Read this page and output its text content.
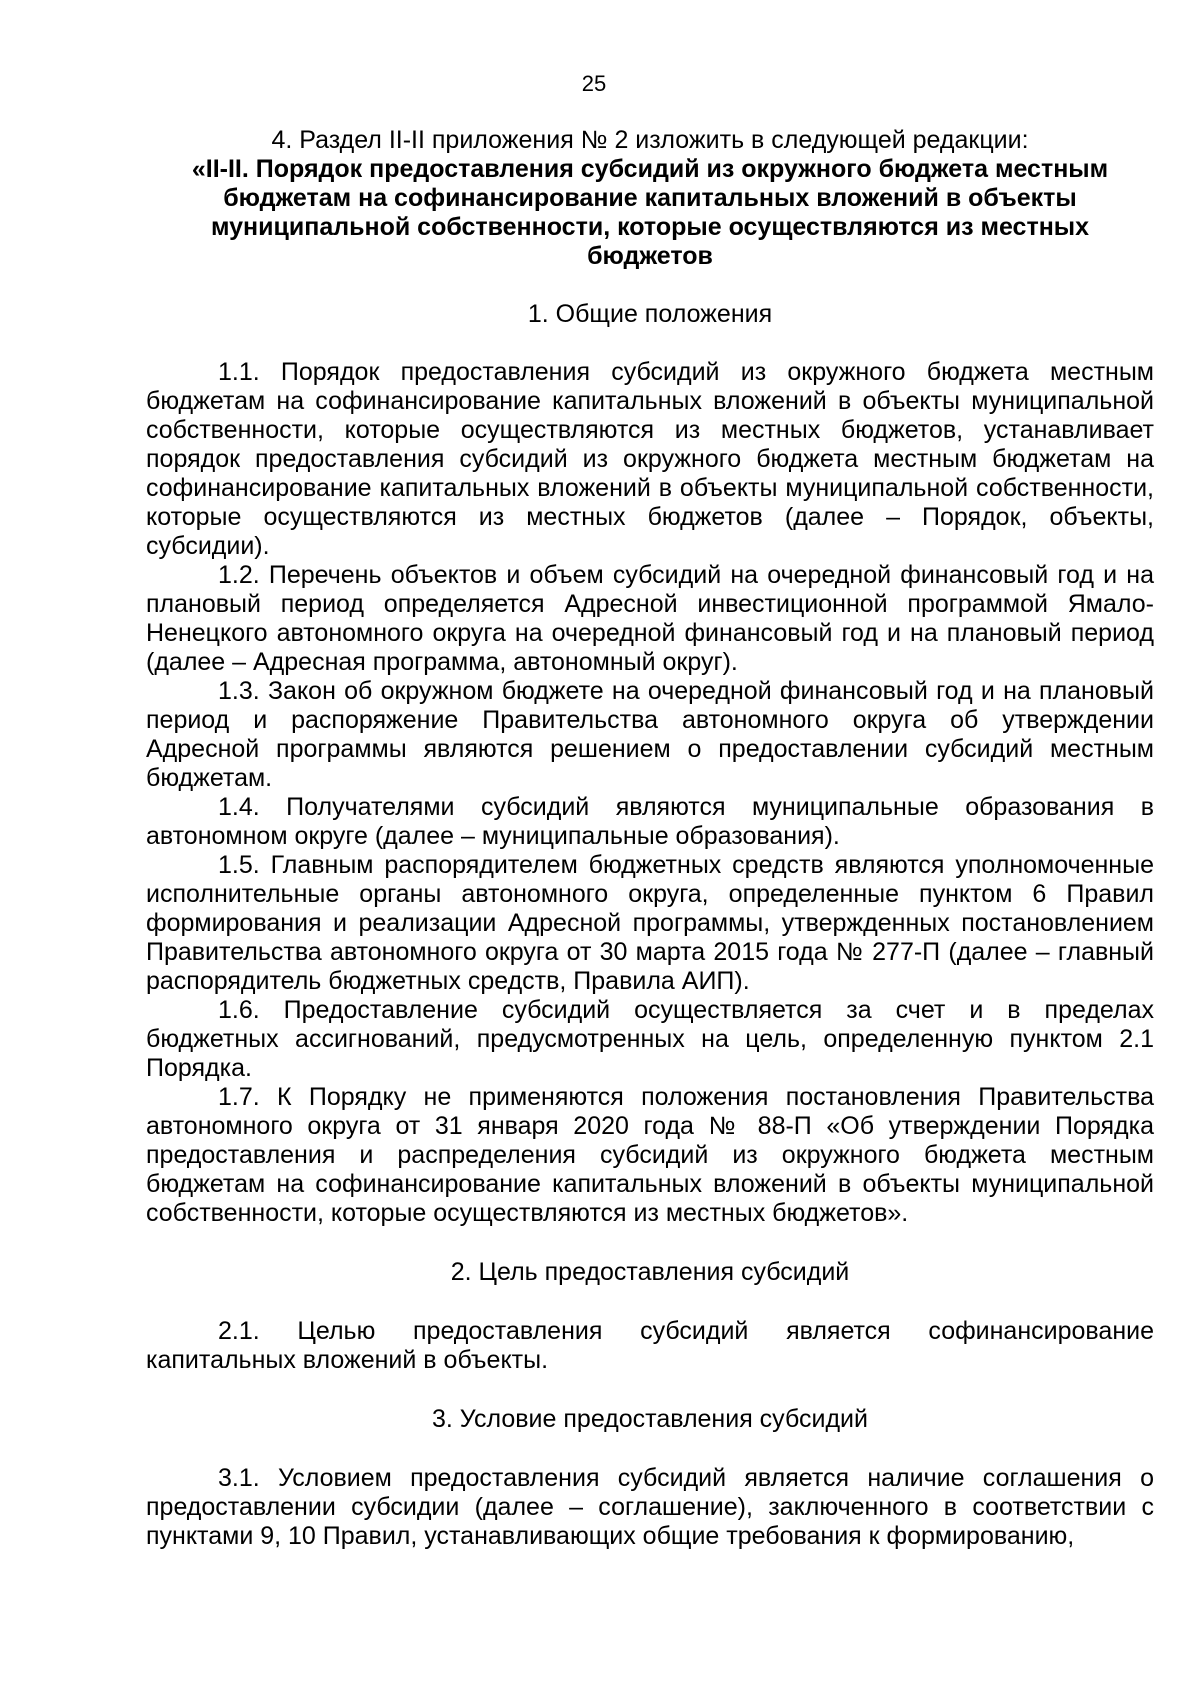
25

4. Раздел II-II приложения № 2 изложить в следующей редакции:

«II-II. Порядок предоставления субсидий из окружного бюджета местным бюджетам на софинансирование капитальных вложений в объекты муниципальной собственности, которые осуществляются из местных бюджетов

1. Общие положения

1.1. Порядок предоставления субсидий из окружного бюджета местным бюджетам на софинансирование капитальных вложений в объекты муниципальной собственности, которые осуществляются из местных бюджетов, устанавливает порядок предоставления субсидий из окружного бюджета местным бюджетам на софинансирование капитальных вложений в объекты муниципальной собственности, которые осуществляются из местных бюджетов (далее – Порядок, объекты, субсидии).

1.2. Перечень объектов и объем субсидий на очередной финансовый год и на плановый период определяется Адресной инвестиционной программой Ямало-Ненецкого автономного округа на очередной финансовый год и на плановый период (далее – Адресная программа, автономный округ).

1.3. Закон об окружном бюджете на очередной финансовый год и на плановый период и распоряжение Правительства автономного округа об утверждении Адресной программы являются решением о предоставлении субсидий местным бюджетам.

1.4. Получателями субсидий являются муниципальные образования в автономном округе (далее – муниципальные образования).

1.5. Главным распорядителем бюджетных средств являются уполномоченные исполнительные органы автономного округа, определенные пунктом 6 Правил формирования и реализации Адресной программы, утвержденных постановлением Правительства автономного округа от 30 марта 2015 года № 277-П (далее – главный распорядитель бюджетных средств, Правила АИП).

1.6. Предоставление субсидий осуществляется за счет и в пределах бюджетных ассигнований, предусмотренных на цель, определенную пунктом 2.1 Порядка.

1.7. К Порядку не применяются положения постановления Правительства автономного округа от 31 января 2020 года № 88-П «Об утверждении Порядка предоставления и распределения субсидий из окружного бюджета местным бюджетам на софинансирование капитальных вложений в объекты муниципальной собственности, которые осуществляются из местных бюджетов».

2. Цель предоставления субсидий

2.1. Целью предоставления субсидий является софинансирование капитальных вложений в объекты.

3. Условие предоставления субсидий

3.1. Условием предоставления субсидий является наличие соглашения о предоставлении субсидии (далее – соглашение), заключенного в соответствии с пунктами 9, 10 Правил, устанавливающих общие требования к формированию,
